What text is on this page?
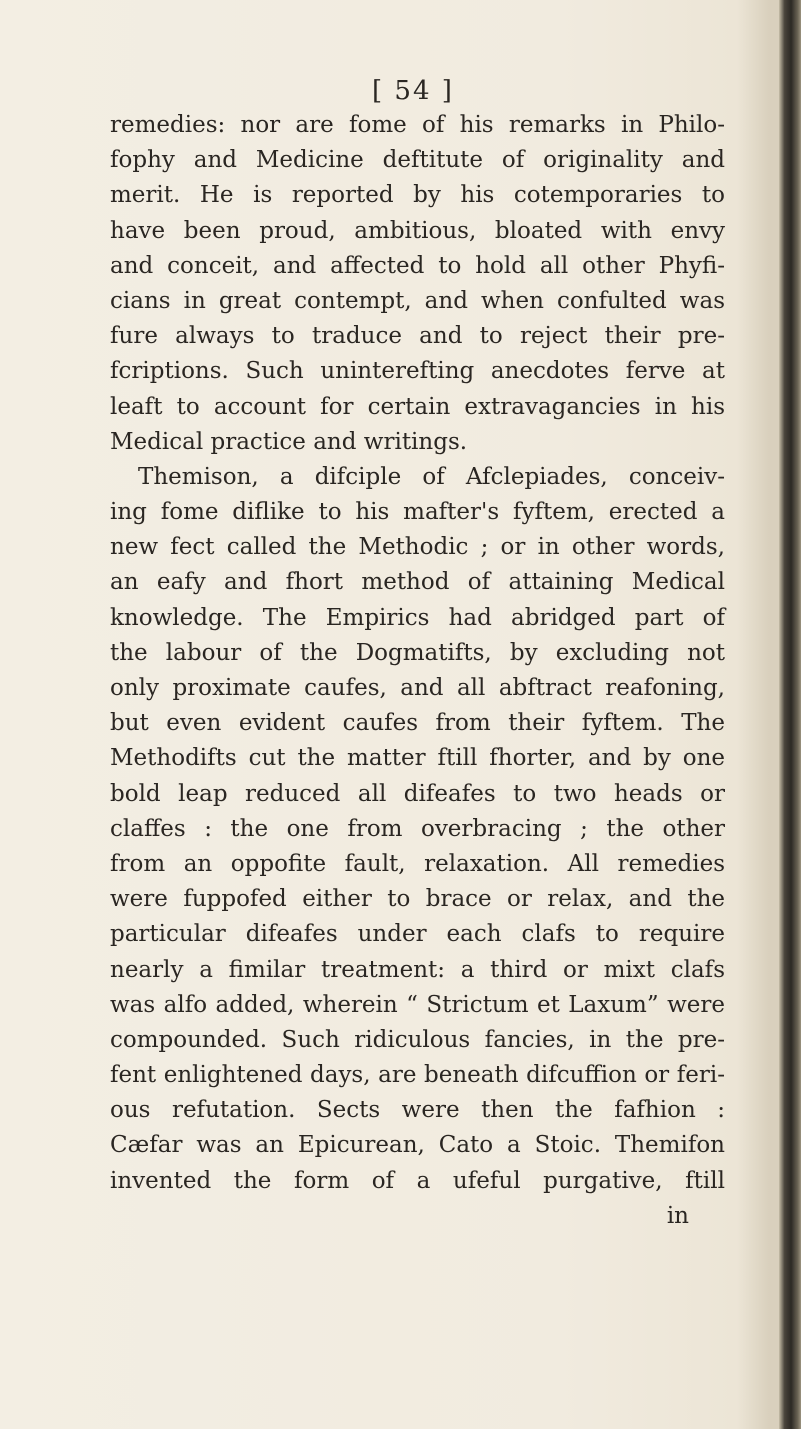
[ 54 ]
remedies: nor are fome of his remarks in Philo-
fophy and Medicine deftitute of originality and
merit. He is reported by his cotemporaries to
have been proud, ambitious, bloated with envy
and conceit, and affected to hold all other Phyfi-
cians in great contempt, and when confulted was
fure always to traduce and to reject their pre-
fcriptions. Such uninterefting anecdotes ferve at
leaft to account for certain extravagancies in his
Medical practice and writings.
Themison, a difciple of Afclepiades, conceiv-
ing fome diflike to his mafter's fyftem, erected a
new fect called the Methodic ; or in other words,
an eafy and fhort method of attaining Medical
knowledge. The Empirics had abridged part of
the labour of the Dogmatifts, by excluding not
only proximate caufes, and all abftract reafoning,
but even evident caufes from their fyftem. The
Methodifts cut the matter ftill fhorter, and by one
bold leap reduced all difeafes to two heads or
claffes : the one from overbracing ; the other
from an oppofite fault, relaxation. All remedies
were fuppofed either to brace or relax, and the
particular difeafes under each clafs to require
nearly a fimilar treatment: a third or mixt clafs
was alfo added, wherein “ Strictum et Laxum” were
compounded. Such ridiculous fancies, in the pre-
fent enlightened days, are beneath difcuffion or feri-
ous refutation. Sects were then the fafhion :
Cæfar was an Epicurean, Cato a Stoic. Themifon
invented the form of a ufeful purgative, ftill
in
